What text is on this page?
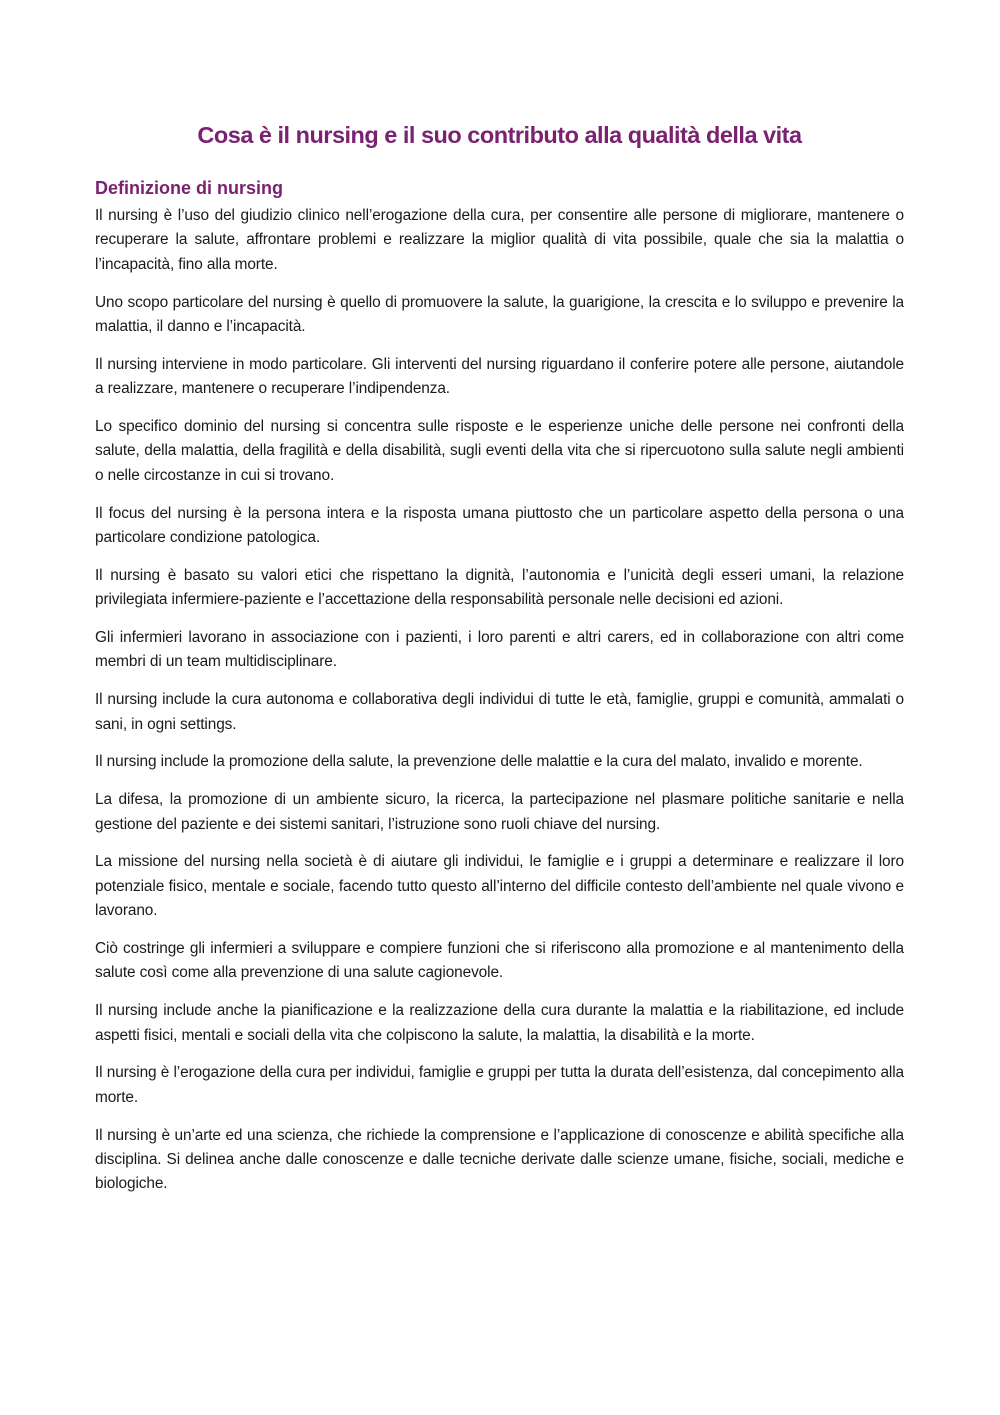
Cosa è il nursing e il suo contributo alla qualità della vita
Definizione di nursing

Il nursing è l’uso del giudizio clinico nell’erogazione della cura, per consentire alle persone di migliorare, mantenere o recuperare la salute, affrontare problemi e realizzare la miglior qualità di vita possibile, quale che sia la malattia o l’incapacità, fino alla morte.

Uno scopo particolare del nursing è quello di promuovere la salute, la guarigione, la crescita e lo sviluppo e prevenire la malattia, il danno e l’incapacità.

Il nursing interviene in modo particolare. Gli interventi del nursing riguardano il conferire potere alle persone, aiutandole a realizzare, mantenere o recuperare l’indipendenza.

Lo specifico dominio del nursing si concentra sulle risposte e le esperienze uniche delle persone nei confronti della salute, della malattia, della fragilità e della disabilità, sugli eventi della vita che si ripercuotono sulla salute negli ambienti o nelle circostanze in cui si trovano.

Il focus del nursing è la persona intera e la risposta umana piuttosto che un particolare aspetto della persona o una particolare condizione patologica.

Il nursing è basato su valori etici che rispettano la dignità, l’autonomia e l’unicità degli esseri umani, la relazione privilegiata infermiere-paziente e l’accettazione della responsabilità personale nelle decisioni ed azioni.

Gli infermieri lavorano in associazione con i pazienti, i loro parenti e altri carers, ed in collaborazione con altri come membri di un team multidisciplinare.

Il nursing include la cura autonoma e collaborativa degli individui di tutte le età, famiglie, gruppi e comunità, ammalati o sani, in ogni settings.

Il nursing include la promozione della salute, la prevenzione delle malattie e la cura del malato, invalido e morente.

La difesa, la promozione di un ambiente sicuro, la ricerca, la partecipazione nel plasmare politiche sanitarie e nella gestione del paziente e dei sistemi sanitari, l’istruzione sono ruoli chiave del nursing.

La missione del nursing nella società è di aiutare gli individui, le famiglie e i gruppi a determinare e realizzare il loro potenziale fisico, mentale e sociale, facendo tutto questo all’interno del difficile contesto dell’ambiente nel quale vivono e lavorano.

Ciò costringe gli infermieri a sviluppare e compiere funzioni che si riferiscono alla promozione e al mantenimento della salute così come alla prevenzione di una salute cagionevole.

Il nursing include anche la pianificazione e la realizzazione della cura durante la malattia e la riabilitazione, ed include aspetti fisici, mentali e sociali della vita che colpiscono la salute, la malattia, la disabilità e la morte.

Il nursing è l’erogazione della cura per individui, famiglie e gruppi per tutta la durata dell’esistenza, dal concepimento alla morte.

Il nursing è un’arte ed una scienza, che richiede la comprensione e l’applicazione di conoscenze e abilità specifiche alla disciplina. Si delinea anche dalle conoscenze e dalle tecniche derivate dalle scienze umane, fisiche, sociali, mediche e biologiche.
